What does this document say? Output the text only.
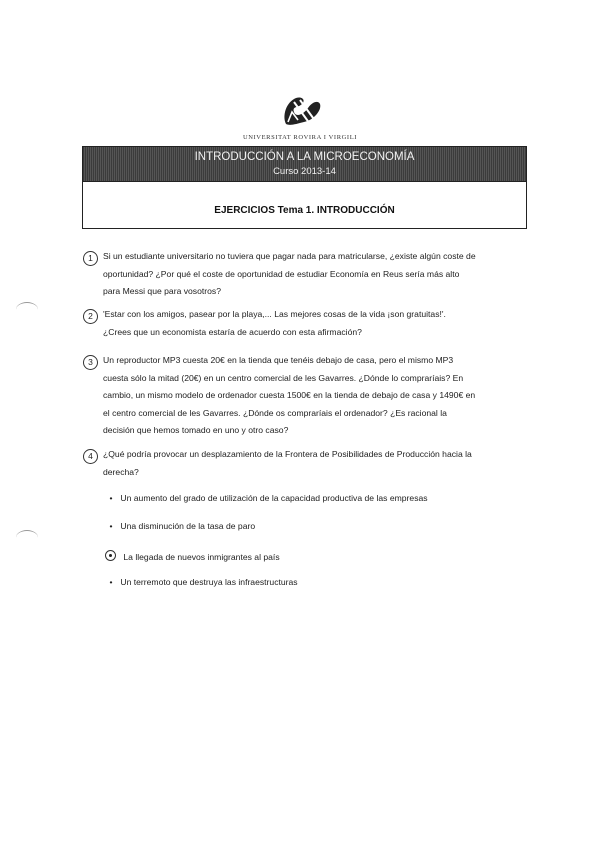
UNIVERSITAT ROVIRA I VIRGILI
INTRODUCCIÓN A LA MICROECONOMÍA
Curso 2013-14
EJERCICIOS Tema 1. INTRODUCCIÓN
1	Si un estudiante universitario no tuviera que pagar nada para matricularse, ¿existe algún coste de
oportunidad? ¿Por qué el coste de oportunidad de estudiar Economía en Reus sería más alto
para Messi que para vosotros?
2	'Estar con los amigos, pasear por la playa,... Las mejores cosas de la vida ¡son gratuitas!'.
¿Crees que un economista estaría de acuerdo con esta afirmación?
3	Un reproductor MP3 cuesta 20€ en la tienda que tenéis debajo de casa, pero el mismo MP3
cuesta sólo la mitad (20€) en un centro comercial de les Gavarres. ¿Dónde lo compraríais? En
cambio, un mismo modelo de ordenador cuesta 1500€ en la tienda de debajo de casa y 1490€ en
el centro comercial de les Gavarres. ¿Dónde os compraríais el ordenador? ¿Es racional la
decisión que hemos tomado en uno y otro caso?
4	¿Qué podría provocar un desplazamiento de la Frontera de Posibilidades de Producción hacia la
derecha?
• Un aumento del grado de utilización de la capacidad productiva de las empresas
• Una disminución de la tasa de paro
La llegada de nuevos inmigrantes al país
• Un terremoto que destruya las infraestructuras
